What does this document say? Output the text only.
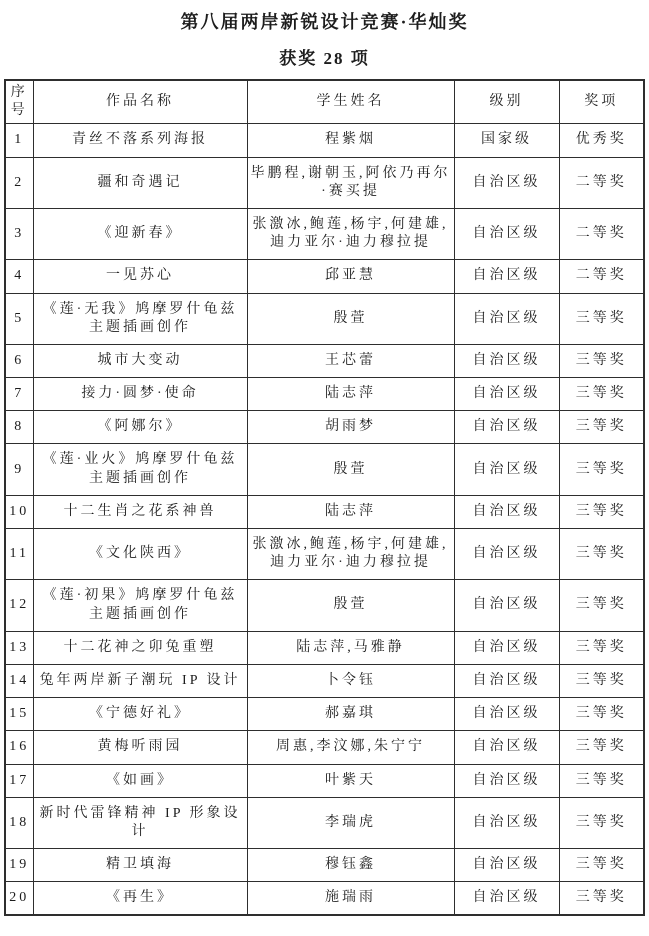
第八届两岸新锐设计竞赛·华灿奖
获奖 28 项
序号	作品名称	学生姓名	级别	奖项
1	青丝不落系列海报	程紫烟	国家级	优秀奖
2	疆和奇遇记	毕鹏程,谢朝玉,阿依乃再尔·赛买提	自治区级	二等奖
3	《迎新春》	张激冰,鲍莲,杨宇,何建雄,迪力亚尔·迪力穆拉提	自治区级	二等奖
4	一见苏心	邱亚慧	自治区级	二等奖
5	《莲·无我》鸠摩罗什龟兹主题插画创作	殷萱	自治区级	三等奖
6	城市大变动	王芯蕾	自治区级	三等奖
7	接力·圆梦·使命	陆志萍	自治区级	三等奖
8	《阿娜尔》	胡雨梦	自治区级	三等奖
9	《莲·业火》鸠摩罗什龟兹主题插画创作	殷萱	自治区级	三等奖
10	十二生肖之花系神兽	陆志萍	自治区级	三等奖
11	《文化陕西》	张激冰,鲍莲,杨宇,何建雄,迪力亚尔·迪力穆拉提	自治区级	三等奖
12	《莲·初果》鸠摩罗什龟兹主题插画创作	殷萱	自治区级	三等奖
13	十二花神之卯兔重塑	陆志萍,马雅静	自治区级	三等奖
14	兔年两岸新子潮玩 IP 设计	卜令钰	自治区级	三等奖
15	《宁德好礼》	郝嘉琪	自治区级	三等奖
16	黄梅听雨园	周惠,李汶娜,朱宁宁	自治区级	三等奖
17	《如画》	叶紫天	自治区级	三等奖
18	新时代雷锋精神 IP 形象设计	李瑞虎	自治区级	三等奖
19	精卫填海	穆钰鑫	自治区级	三等奖
20	《再生》	施瑞雨	自治区级	三等奖
